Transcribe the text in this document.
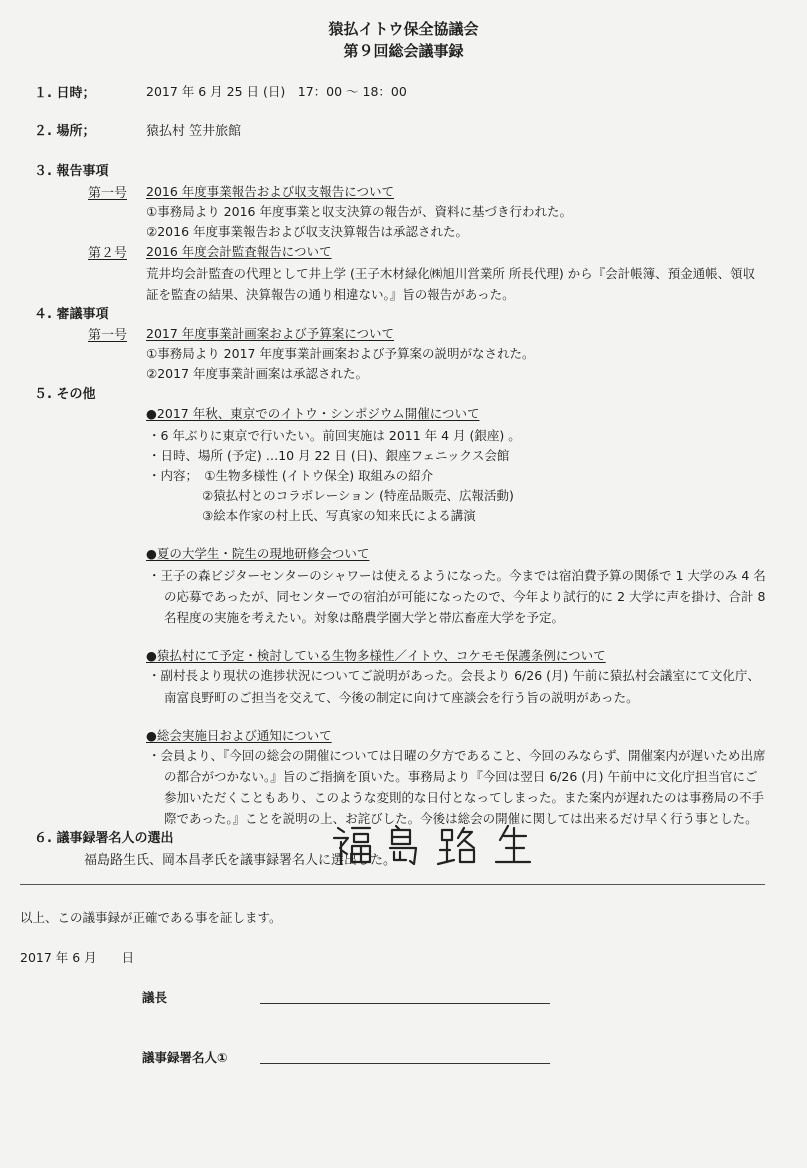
猿払イトウ保全協議会
第９回総会議事録
１. 日時；	2017 年 6 月 25 日 (日)　17：00 ～ 18：00
２. 場所；	猿払村 笠井旅館
３. 報告事項
第一号 2016 年度事業報告および収支報告について
①事務局より 2016 年度事業と収支決算の報告が、資料に基づき行われた。
②2016 年度事業報告および収支決算報告は承認された。
第２号 2016 年度会計監査報告について
荒井均会計監査の代理として井上学 (王子木材緑化㈱旭川営業所 所長代理) から『会計帳簿、預金通帳、領収
証を監査の結果、決算報告の通り相違ない。』旨の報告があった。
４. 審議事項
第一号 2017 年度事業計画案および予算案について
①事務局より 2017 年度事業計画案および予算案の説明がなされた。
②2017 年度事業計画案は承認された。
５. その他
●2017 年秋、東京でのイトウ・シンポジウム開催について
・6 年ぶりに東京で行いたい。前回実施は 2011 年 4 月 (銀座) 。
・日時、場所 (予定) …10 月 22 日 (日)、銀座フェニックス会館
・内容；　①生物多様性 (イトウ保全) 取組みの紹介
②猿払村とのコラボレーション (特産品販売、広報活動)
③絵本作家の村上氏、写真家の知来氏による講演
●夏の大学生・院生の現地研修会ついて
・王子の森ビジターセンターのシャワーは使えるようになった。今までは宿泊費予算の関係で 1 大学のみ 4 名
の応募であったが、同センターでの宿泊が可能になったので、今年より試行的に 2 大学に声を掛け、合計 8
名程度の実施を考えたい。対象は酪農学園大学と帯広畜産大学を予定。
●猿払村にて予定・検討している生物多様性／イトウ、コケモモ保護条例について
・副村長より現状の進捗状況についてご説明があった。会長より 6/26 (月) 午前に猿払村会議室にて文化庁、
南富良野町のご担当を交えて、今後の制定に向けて座談会を行う旨の説明があった。
●総会実施日および通知について
・会員より、『今回の総会の開催については日曜の夕方であること、今回のみならず、開催案内が遅いため出席
の都合がつかない。』旨のご指摘を頂いた。事務局より『今回は翌日 6/26 (月) 午前中に文化庁担当官にご
参加いただくこともあり、このような変則的な日付となってしまった。また案内が遅れたのは事務局の不手
際であった。』ことを説明の上、お詫びした。今後は総会の開催に関しては出来るだけ早く行う事とした。
６. 議事録署名人の選出
福島路生氏、岡本昌孝氏を議事録署名人に選出した。
以上、この議事録が正確である事を証します。
2017 年 6 月　　日
議長
議事録署名人①
